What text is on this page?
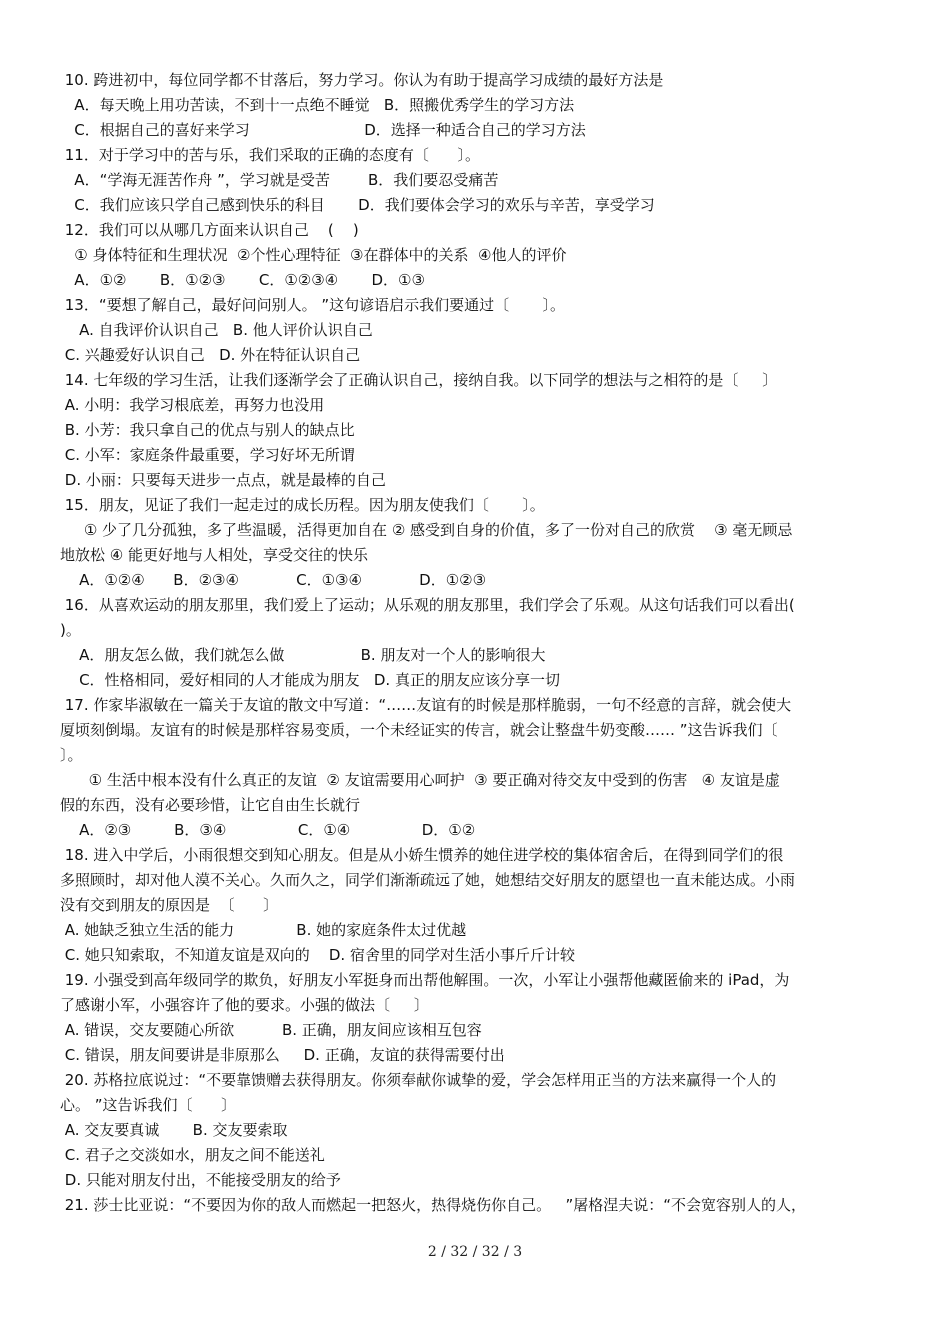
10. 跨进初中，每位同学都不甘落后，努力学习。你认为有助于提高学习成绩的最好方法是
A．每天晚上用功苦读，不到十一点绝不睡觉   B．照搬优秀学生的学习方法
C．根据自己的喜好来学习                        D．选择一种适合自己的学习方法
11．对于学习中的苦与乐，我们采取的正确的态度有〔      〕。
A．“学海无涯苦作舟 ”，学习就是受苦        B．我们要忍受痛苦
C．我们应该只学自己感到快乐的科目       D．我们要体会学习的欢乐与辛苦，享受学习
12．我们可以从哪几方面来认识自己    (    )
① 身体特征和生理状况  ②个性心理特征  ③在群体中的关系  ④他人的评价
A．①②       B．①②③       C．①②③④       D．①③
13．“要想了解自己，最好问问别人。 ”这句谚语启示我们要通过〔       〕。
A. 自我评价认识自己   B. 他人评价认识自己
C. 兴趣爱好认识自己   D. 外在特征认识自己
14. 七年级的学习生活，让我们逐渐学会了正确认识自己，接纳自我。以下同学的想法与之相符的是〔     〕
A. 小明：我学习根底差，再努力也没用
B. 小芳：我只拿自己的优点与别人的缺点比
C. 小军：家庭条件最重要，学习好坏无所谓
D. 小丽：只要每天进步一点点，就是最棒的自己
15．朋友，见证了我们一起走过的成长历程。因为朋友使我们〔       〕。
① 少了几分孤独，多了些温暖，活得更加自在 ② 感受到自身的价值，多了一份对自己的欣赏    ③ 毫无顾忌
地放松 ④ 能更好地与人相处，享受交往的快乐
A．①②④      B．②③④            C．①③④            D．①②③
16．从喜欢运动的朋友那里，我们爱上了运动；从乐观的朋友那里，我们学会了乐观。从这句话我们可以看出(
)。
A．朋友怎么做，我们就怎么做                B. 朋友对一个人的影响很大
C．性格相同，爱好相同的人才能成为朋友   D. 真正的朋友应该分享一切
17. 作家毕淑敏在一篇关于友谊的散文中写道：“……友谊有的时候是那样脆弱，一句不经意的言辞，就会使大
厦顷刻倒塌。友谊有的时候是那样容易变质，一个未经证实的传言，就会让整盘牛奶变酸…… ”这告诉我们〔
〕。
① 生活中根本没有什么真正的友谊  ② 友谊需要用心呵护  ③ 要正确对待交友中受到的伤害   ④ 友谊是虚
假的东西，没有必要珍惜，让它自由生长就行
A．②③         B．③④               C．①④               D．①②
18. 进入中学后，小雨很想交到知心朋友。但是从小娇生惯养的她住进学校的集体宿舍后，在得到同学们的很
多照顾时，却对他人漠不关心。久而久之，同学们渐渐疏远了她，她想结交好朋友的愿望也一直未能达成。小雨
没有交到朋友的原因是  〔      〕
A. 她缺乏独立生活的能力             B. 她的家庭条件太过优越
C. 她只知索取，不知道友谊是双向的    D. 宿舍里的同学对生活小事斤斤计较
19. 小强受到高年级同学的欺负，好朋友小军挺身而出帮他解围。一次，小军让小强帮他藏匿偷来的 iPad，为
了感谢小军，小强容许了他的要求。小强的做法〔     〕
A. 错误，交友要随心所欲          B. 正确，朋友间应该相互包容
C. 错误，朋友间要讲是非原那么     D. 正确，友谊的获得需要付出
20. 苏格拉底说过：“不要靠馈赠去获得朋友。你须奉献你诚挚的爱，学会怎样用正当的方法来赢得一个人的
心。 ”这告诉我们〔      〕
A. 交友要真诚       B. 交友要索取
C. 君子之交淡如水，朋友之间不能送礼
D. 只能对朋友付出，不能接受朋友的给予
21. 莎士比亚说：“不要因为你的敌人而燃起一把怒火，热得烧伤你自己。   ”屠格涅夫说：“不会宽容别人的人，
2 / 32 / 32 / 3
